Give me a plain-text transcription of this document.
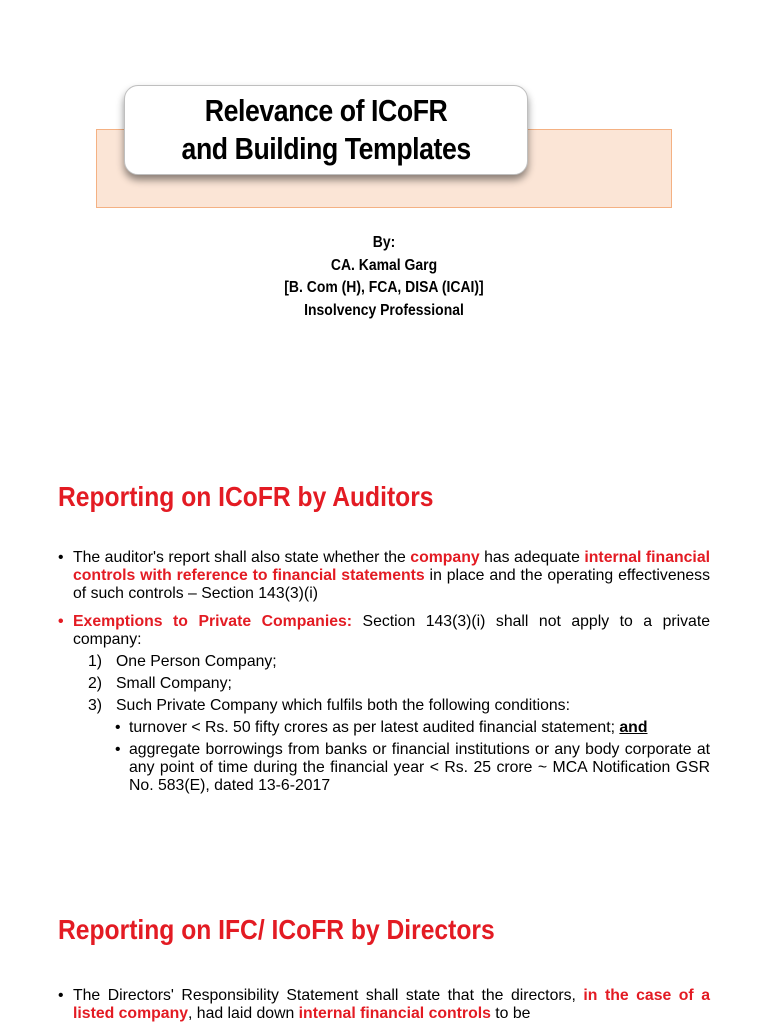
Relevance of ICoFR
and Building Templates
By:
CA. Kamal Garg
[B. Com (H), FCA, DISA (ICAI)]
Insolvency Professional
Reporting on ICoFR by Auditors
• The auditor's report shall also state whether the company has adequate internal financial controls with reference to financial statements in place and the operating effectiveness of such controls – Section 143(3)(i)
• Exemptions to Private Companies: Section 143(3)(i) shall not apply to a private company:
1) One Person Company;
2) Small Company;
3) Such Private Company which fulfils both the following conditions:
• turnover < Rs. 50 fifty crores as per latest audited financial statement; and
• aggregate borrowings from banks or financial institutions or any body corporate at any point of time during the financial year < Rs. 25 crore ~ MCA Notification GSR No. 583(E), dated 13-6-2017
Reporting on IFC/ ICoFR by Directors
• The Directors' Responsibility Statement shall state that the directors, in the case of a listed company, had laid down internal financial controls to be
